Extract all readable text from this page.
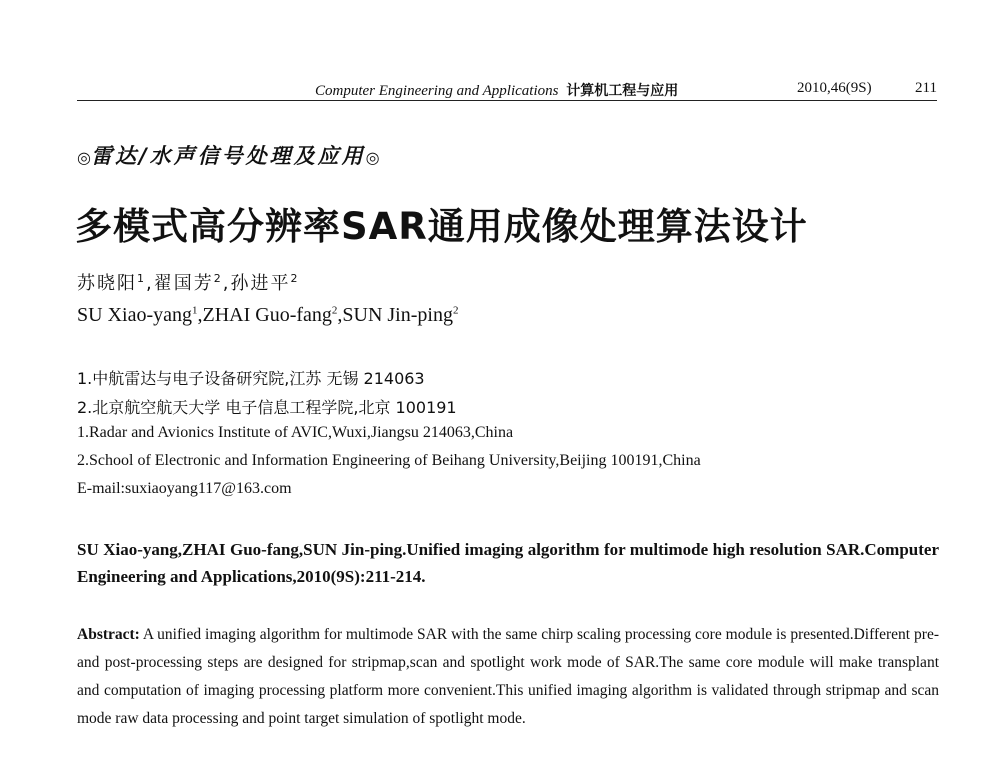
Computer Engineering and Applications 计算机工程与应用	2010,46(9S)	211
◎雷达/水声信号处理及应用◎
多模式高分辨率SAR通用成像处理算法设计
苏晓阳$^1$,翟国芳$^2$,孙进平$^2$
SU Xiao-yang$^1$,ZHAI Guo-fang$^2$,SUN Jin-ping$^2$
1.中航雷达与电子设备研究院,江苏 无锡 214063
2.北京航空航天大学 电子信息工程学院,北京 100191
1.Radar and Avionics Institute of AVIC,Wuxi,Jiangsu 214063,China
2.School of Electronic and Information Engineering of Beihang University,Beijing 100191,China
E-mail:suxiaoyang117@163.com
SU Xiao-yang,ZHAI Guo-fang,SUN Jin-ping.Unified imaging algorithm for multimode high resolution SAR.Computer Engineering and Applications,2010(9S):211-214.
Abstract: A unified imaging algorithm for multimode SAR with the same chirp scaling processing core module is presented.Different pre-and post-processing steps are designed for stripmap,scan and spotlight work mode of SAR.The same core module will make transplant and computation of imaging processing platform more convenient.This unified imaging algorithm is validated through stripmap and scan mode raw data processing and point target simulation of spotlight mode.
